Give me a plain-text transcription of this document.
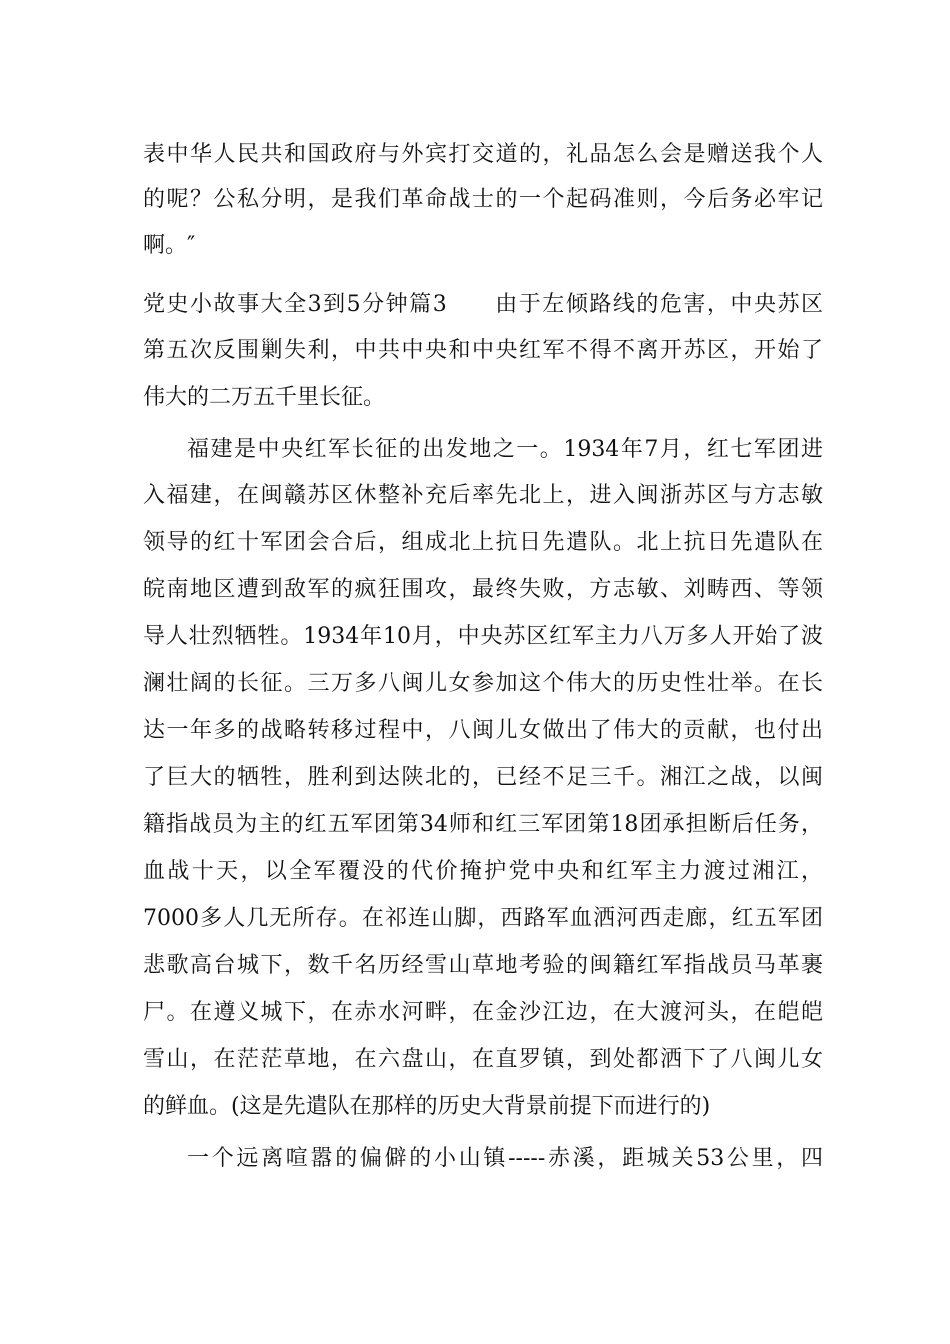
表中华人民共和国政府与外宾打交道的，礼品怎么会是赠送我个人
的呢？公私分明，是我们革命战士的一个起码准则，今后务必牢记
啊。″
党史小故事大全3到5分钟篇3　　由于左倾路线的危害，中央苏区
第五次反围剿失利，中共中央和中央红军不得不离开苏区，开始了
伟大的二万五千里长征。
福建是中央红军长征的出发地之一。1934年7月，红七军团进
入福建，在闽赣苏区休整补充后率先北上，进入闽浙苏区与方志敏
领导的红十军团会合后，组成北上抗日先遣队。北上抗日先遣队在
皖南地区遭到敌军的疯狂围攻，最终失败，方志敏、刘畴西、等领
导人壮烈牺牲。1934年10月，中央苏区红军主力八万多人开始了波
澜壮阔的长征。三万多八闽儿女参加这个伟大的历史性壮举。在长
达一年多的战略转移过程中，八闽儿女做出了伟大的贡献，也付出
了巨大的牺牲，胜利到达陕北的，已经不足三千。湘江之战，以闽
籍指战员为主的红五军团第34师和红三军团第18团承担断后任务，
血战十天，以全军覆没的代价掩护党中央和红军主力渡过湘江，
7000多人几无所存。在祁连山脚，西路军血洒河西走廊，红五军团
悲歌高台城下，数千名历经雪山草地考验的闽籍红军指战员马革裹
尸。在遵义城下，在赤水河畔，在金沙江边，在大渡河头，在皑皑
雪山，在茫茫草地，在六盘山，在直罗镇，到处都洒下了八闽儿女
的鲜血。(这是先遣队在那样的历史大背景前提下而进行的)
一个远离喧嚣的偏僻的小山镇-----赤溪，距城关53公里，四
